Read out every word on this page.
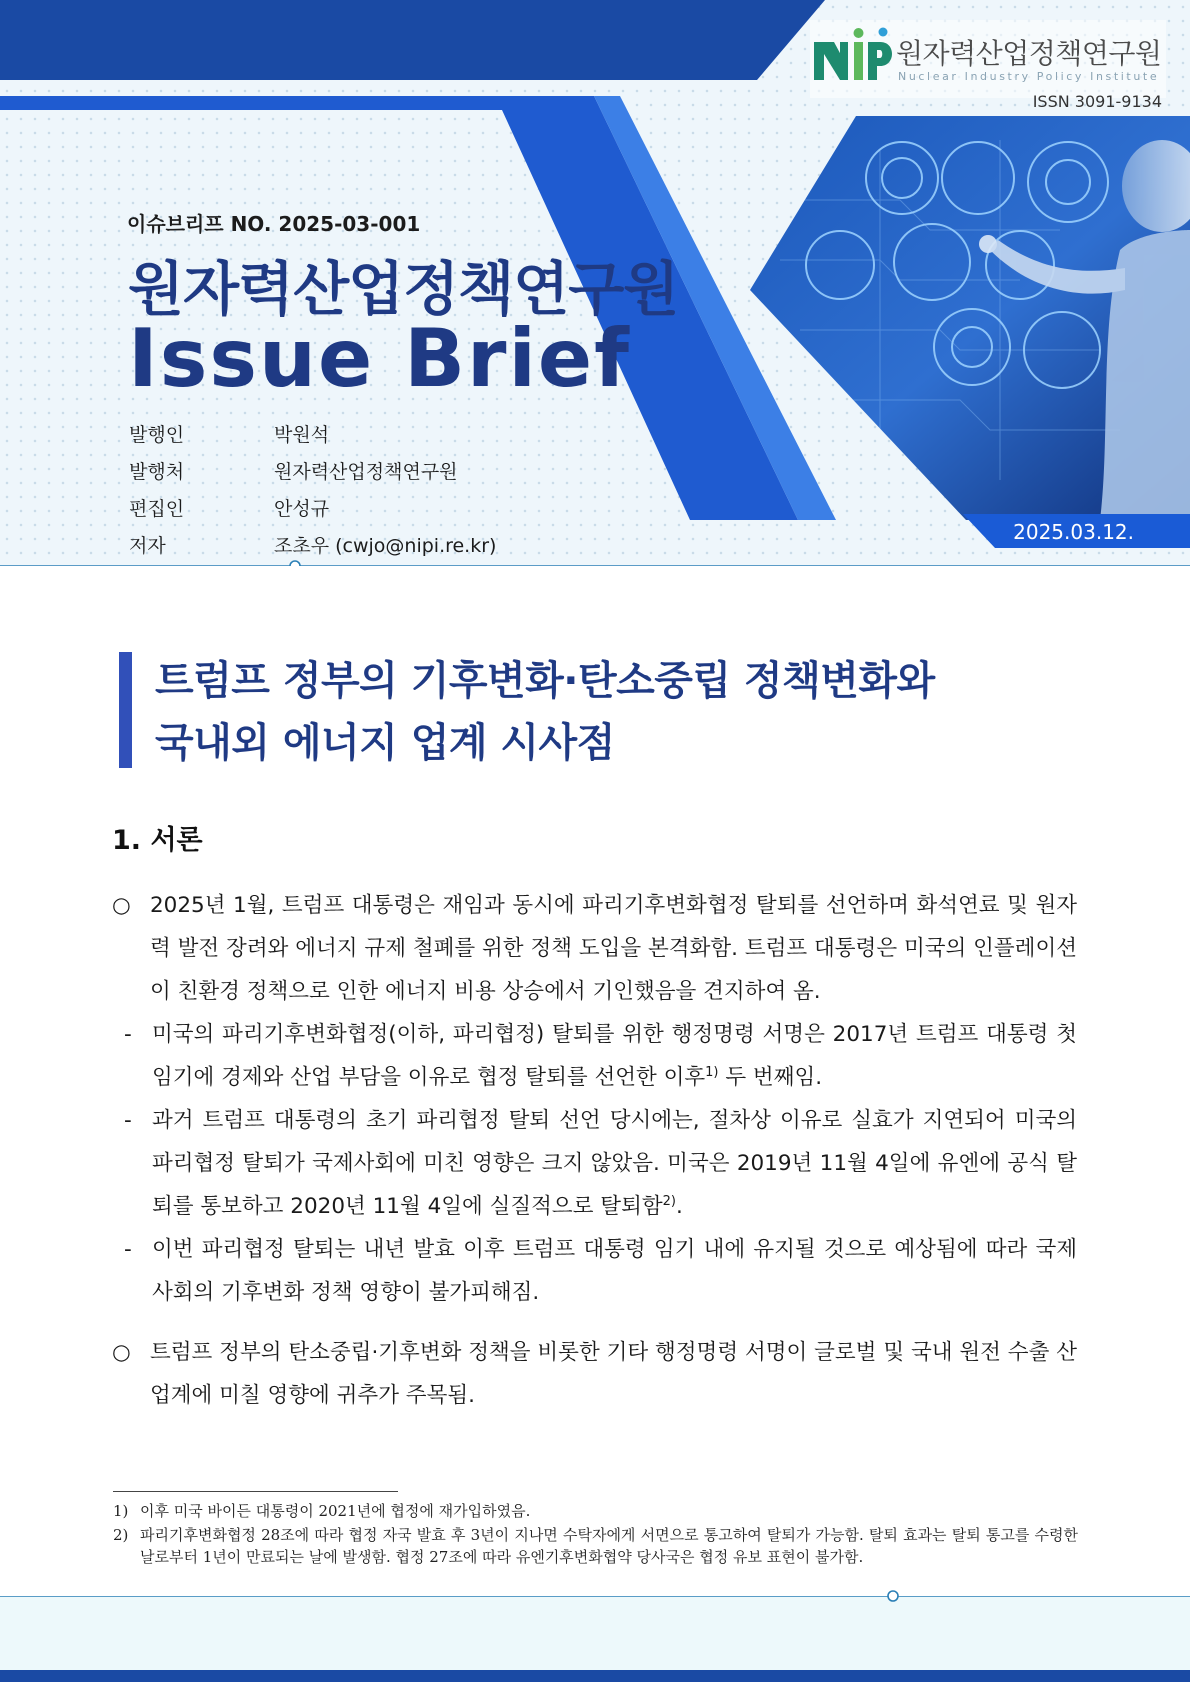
원자력산업정책연구원
Nuclear Industry Policy Institute
ISSN 3091-9134
이슈브리프 NO. 2025-03-001
원자력산업정책연구원
Issue Brief
발행인	박원석
발행처	원자력산업정책연구원
편집인	안성규
저자	조초우 (cwjo@nipi.re.kr)
2025.03.12.
트럼프 정부의 기후변화·탄소중립 정책변화와
국내외 에너지 업계 시사점
1. 서론
○ 2025년 1월, 트럼프 대통령은 재임과 동시에 파리기후변화협정 탈퇴를 선언하며 화석연료 및 원자력 발전 장려와 에너지 규제 철폐를 위한 정책 도입을 본격화함. 트럼프 대통령은 미국의 인플레이션이 친환경 정책으로 인한 에너지 비용 상승에서 기인했음을 견지하여 옴.
- 미국의 파리기후변화협정(이하, 파리협정) 탈퇴를 위한 행정명령 서명은 2017년 트럼프 대통령 첫 임기에 경제와 산업 부담을 이유로 협정 탈퇴를 선언한 이후$^{1)}$ 두 번째임.
- 과거 트럼프 대통령의 초기 파리협정 탈퇴 선언 당시에는, 절차상 이유로 실효가 지연되어 미국의 파리협정 탈퇴가 국제사회에 미친 영향은 크지 않았음. 미국은 2019년 11월 4일에 유엔에 공식 탈퇴를 통보하고 2020년 11월 4일에 실질적으로 탈퇴함$^{2)}$.
- 이번 파리협정 탈퇴는 내년 발효 이후 트럼프 대통령 임기 내에 유지될 것으로 예상됨에 따라 국제사회의 기후변화 정책 영향이 불가피해짐.
○ 트럼프 정부의 탄소중립·기후변화 정책을 비롯한 기타 행정명령 서명이 글로벌 및 국내 원전 수출 산업계에 미칠 영향에 귀추가 주목됨.
1) 이후 미국 바이든 대통령이 2021년에 협정에 재가입하였음.
2) 파리기후변화협정 28조에 따라 협정 자국 발효 후 3년이 지나면 수탁자에게 서면으로 통고하여 탈퇴가 가능함. 탈퇴 효과는 탈퇴 통고를 수령한 날로부터 1년이 만료되는 날에 발생함. 협정 27조에 따라 유엔기후변화협약 당사국은 협정 유보 표현이 불가함.
